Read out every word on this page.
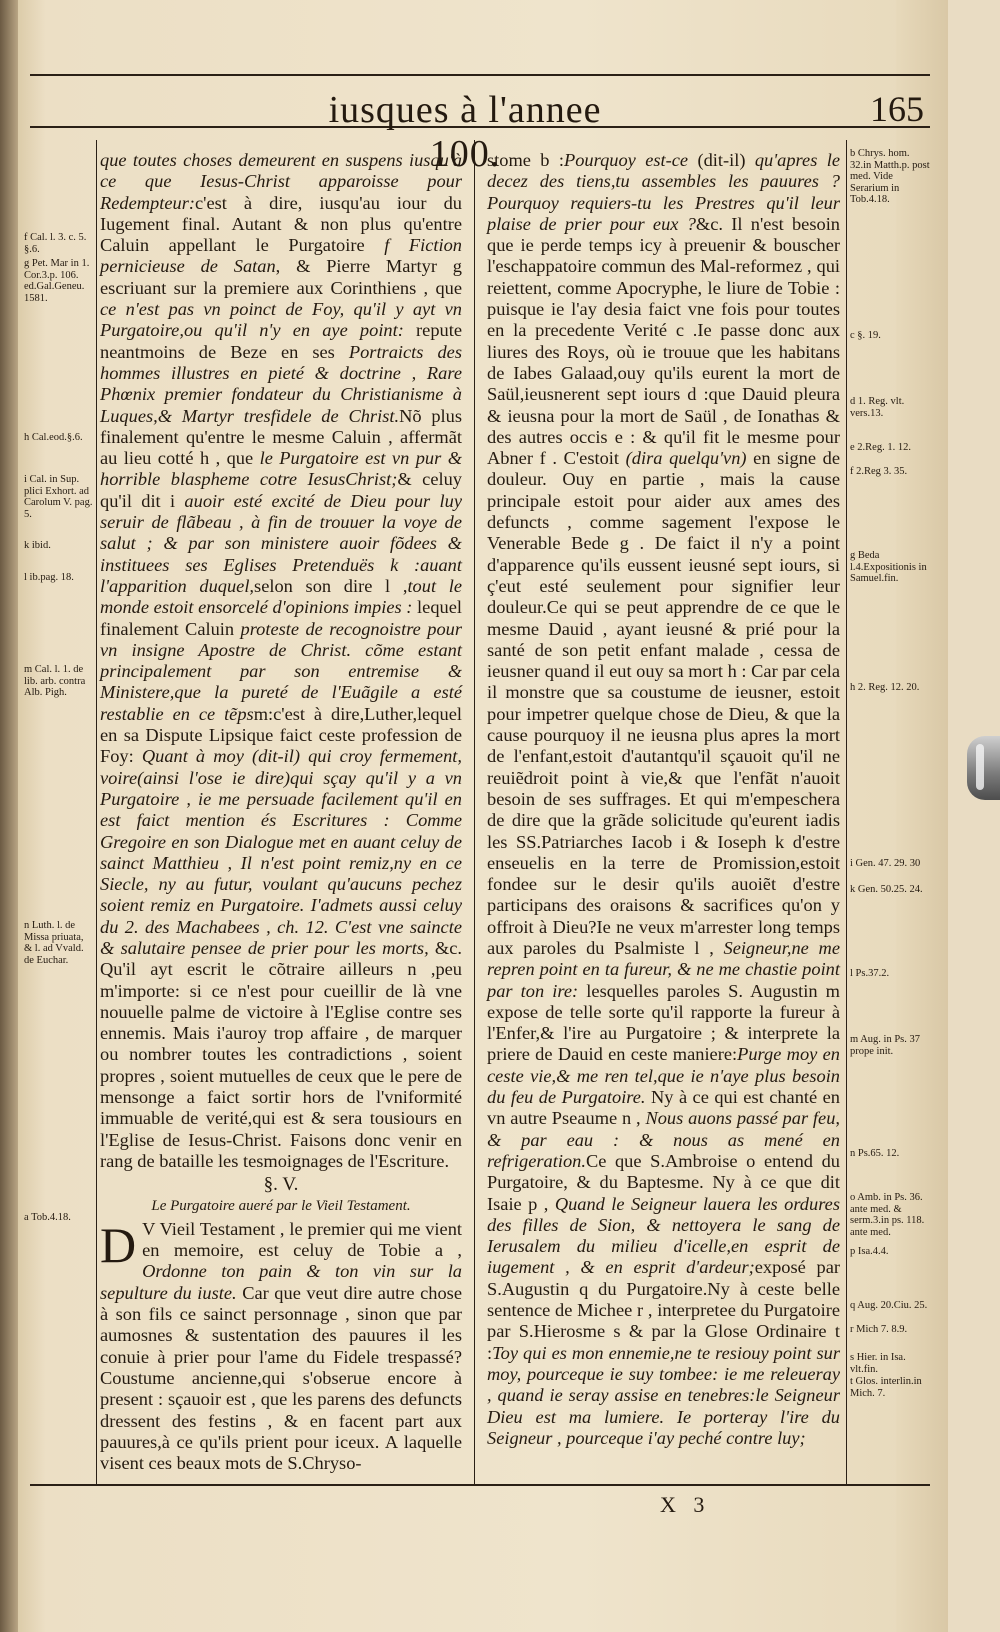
iusques à l'annee 100.
165

que toutes choses demeurent en suspens iusqu'à ce que Iesus-Christ apparoisse pour Redempteur:c'est à dire, iusqu'au iour du Iugement final. Autant & non plus qu'entre Caluin appellant le Purgatoire f Fiction pernicieuse de Satan, & Pierre Martyr g escriuant sur la premiere aux Corinthiens , que ce n'est pas vn poinct de Foy, qu'il y ayt vn Purgatoire,ou qu'il n'y en aye point: repute neantmoins de Beze en ses Portraicts des hommes illustres en pieté & doctrine , Rare Phœnix premier fondateur du Christianisme à Luques,& Martyr tresfidele de Christ.Nõ plus finalement qu'entre le mesme Caluin , affermãt au lieu cotté h , que le Purgatoire est vn pur & horrible blaspheme cotre IesusChrist;& celuy qu'il dit i auoir esté excité de Dieu pour luy seruir de flãbeau , à fin de trouuer la voye de salut ; & par son ministere auoir fõdees & instituees ses Eglises Pretenduës k :auant l'apparition duquel,selon son dire l ,tout le monde estoit ensorcelé d'opinions impies : lequel finalement Caluin proteste de recognoistre pour vn insigne Apostre de Christ. cõme estant principalement par son entremise & Ministere,que la pureté de l'Euãgile a esté restablie en ce tẽpsm:c'est à dire,Luther,lequel en sa Dispute Lipsique faict ceste profession de Foy: Quant à moy (dit-il) qui croy fermement, voire(ainsi l'ose ie dire)qui sçay qu'il y a vn Purgatoire , ie me persuade facilement qu'il en est faict mention és Escritures : Comme Gregoire en son Dialogue met en auant celuy de sainct Matthieu , Il n'est point remiz,ny en ce Siecle, ny au futur, voulant qu'aucuns pechez soient remiz en Purgatoire. I'admets aussi celuy du 2. des Machabees , ch. 12. C'est vne saincte & salutaire pensee de prier pour les morts, &c. Qu'il ayt escrit le cõtraire ailleurs n ,peu m'importe: si ce n'est pour cueillir de là vne nouuelle palme de victoire à l'Eglise contre ses ennemis. Mais i'auroy trop affaire , de marquer ou nombrer toutes les contradictions , soient propres , soient mutuelles de ceux que le pere de mensonge a faict sortir hors de l'vniformité immuable de verité,qui est & sera tousiours en l'Eglise de Iesus-Christ. Faisons donc venir en rang de bataille les tesmoignages de l'Escriture.

§. V.
Le Purgatoire aueré par le Vieil Testament.

D V Vieil Testament , le premier qui me vient en memoire, est celuy de Tobie a , Ordonne ton pain & ton vin sur la sepulture du iuste. Car que veut dire autre chose à son fils ce sainct personnage , sinon que par aumosnes & sustentation des pauures il les conuie à prier pour l'ame du Fidele trespassé?Coustume ancienne,qui s'obserue encore à present : sçauoir est , que les parens des defuncts dressent des festins , & en facent part aux pauures,à ce qu'ils prient pour iceux. A laquelle visent ces beaux mots de S.Chryso-

stome b :Pourquoy est-ce (dit-il) qu'apres le decez des tiens,tu assembles les pauures ? Pourquoy requiers-tu les Prestres qu'il leur plaise de prier pour eux ?&c. Il n'est besoin que ie perde temps icy à preuenir & bouscher l'eschappatoire commun des Mal-reformez , qui reiettent, comme Apocryphe, le liure de Tobie : puisque ie l'ay desia faict vne fois pour toutes en la precedente Verité c .Ie passe donc aux liures des Roys, où ie trouue que les habitans de Iabes Galaad,ouy qu'ils eurent la mort de Saül,ieusnerent sept iours d :que Dauid pleura & ieusna pour la mort de Saül , de Ionathas & des autres occis e : & qu'il fit le mesme pour Abner f . C'estoit (dira quelqu'vn) en signe de douleur. Ouy en partie , mais la cause principale estoit pour aider aux ames des defuncts , comme sagement l'expose le Venerable Bede g . De faict il n'y a point d'apparence qu'ils eussent ieusné sept iours, si ç'eut esté seulement pour signifier leur douleur.Ce qui se peut apprendre de ce que le mesme Dauid , ayant ieusné & prié pour la santé de son petit enfant malade , cessa de ieusner quand il eut ouy sa mort h : Car par cela il monstre que sa coustume de ieusner, estoit pour impetrer quelque chose de Dieu, & que la cause pourquoy il ne ieusna plus apres la mort de l'enfant,estoit d'autantqu'il sçauoit qu'il ne reuiẽdroit point à vie,& que l'enfãt n'auoit besoin de ses suffrages. Et qui m'empeschera de dire que la grãde solicitude qu'eurent iadis les SS.Patriarches Iacob i & Ioseph k d'estre enseuelis en la terre de Promission,estoit fondee sur le desir qu'ils auoiẽt d'estre participans des oraisons & sacrifices qu'on y offroit à Dieu?Ie ne veux m'arrester long temps aux paroles du Psalmiste l , Seigneur,ne me repren point en ta fureur, & ne me chastie point par ton ire: lesquelles paroles S. Augustin m expose de telle sorte qu'il rapporte la fureur à l'Enfer,& l'ire au Purgatoire ; & interprete la priere de Dauid en ceste maniere:Purge moy en ceste vie,& me ren tel,que ie n'aye plus besoin du feu de Purgatoire. Ny à ce qui est chanté en vn autre Pseaume n , Nous auons passé par feu, & par eau : & nous as mené en refrigeration.Ce que S.Ambroise o entend du Purgatoire, & du Baptesme. Ny à ce que dit Isaie p , Quand le Seigneur lauera les ordures des filles de Sion, & nettoyera le sang de Ierusalem du milieu d'icelle,en esprit de iugement , & en esprit d'ardeur;exposé par S.Augustin q du Purgatoire.Ny à ceste belle sentence de Michee r , interpretee du Purgatoire par S.Hierosme s & par la Glose Ordinaire t :Toy qui es mon ennemie,ne te resiouy point sur moy, pourceque ie suy tombee: ie me releueray , quand ie seray assise en tenebres:le Seigneur Dieu est ma lumiere. Ie porteray l'ire du Seigneur , pourceque i'ay peché contre luy;

f Cal. l. 3. c. 5. §.6.
g Pet. Mar in 1. Cor.3.p. 106. ed.Gal.Geneu. 1581.
h Cal.eod.§.6.
i Cal. in Sup. plici Exhort. ad Carolum V. pag. 5.
k ibid.
l ib.pag. 18.
m Cal. l. 1. de lib. arb. contra Alb. Pigh.
n Luth. l. de Missa priuata, & l. ad Vvald. de Euchar.
a Tob.4.18.
b Chrys. hom. 32.in Matth.p. post med. Vide Serarium in Tob.4.18.
c §. 19.
d 1. Reg. vlt. vers.13.
e 2.Reg. 1. 12.
f 2.Reg 3. 35.
g Beda l.4.Expositionis in Samuel.fin.
h 2. Reg. 12. 20.
i Gen. 47. 29. 30
k Gen. 50.25. 24.
l Ps.37.2.
m Aug. in Ps. 37 prope init.
n Ps.65. 12.
o Amb. in Ps. 36. ante med. & serm.3.in ps. 118. ante med.
p Isa.4.4.
q Aug. 20.Ciu. 25.
r Mich 7. 8.9.
s Hier. in Isa. vlt.fin.
t Glos. interlin.in Mich. 7.
X 3
